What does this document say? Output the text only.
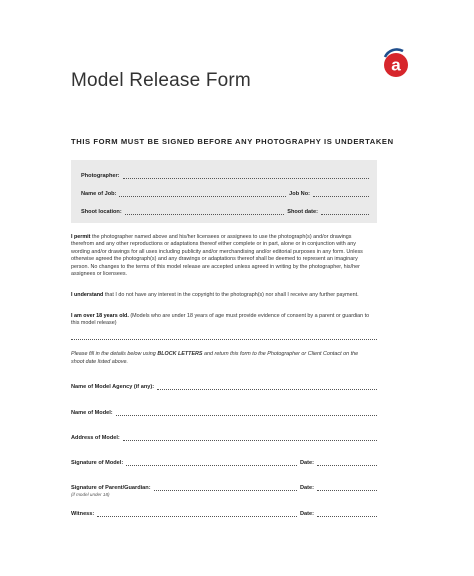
a
Model Release Form
THIS FORM MUST BE SIGNED BEFORE ANY PHOTOGRAPHY IS UNDERTAKEN
Photographer:
Name of Job:	Job No:
Shoot location:	Shoot date:
I permit the photographer named above and his/her licensees or assignees to use the photograph(s) and/or drawings therefrom and any other reproductions or adaptations thereof either complete or in part, alone or in conjunction with any wording and/or drawings for all uses including publicity and/or merchandising and/or editorial purposes in any form. Unless otherwise agreed the photograph(s) and any drawings or adaptations thereof shall be deemed to represent an imaginary person. No changes to the terms of this model release are accepted unless agreed in writing by the photographer, his/her assignees or licensees.
I understand that I do not have any interest in the copyright to the photograph(s) nor shall I receive any further payment.
I am over 18 years old. (Models who are under 18 years of age must provide evidence of consent by a parent or guardian to this model release)
Please fill in the details below using BLOCK LETTERS and return this form to the Photographer or Client Contact on the shoot date listed above.
Name of Model Agency (if any):
Name of Model:
Address of Model:
Signature of Model:	Date:
Signature of Parent/Guardian:	Date:
(if model under 18)
Witness:	Date:
